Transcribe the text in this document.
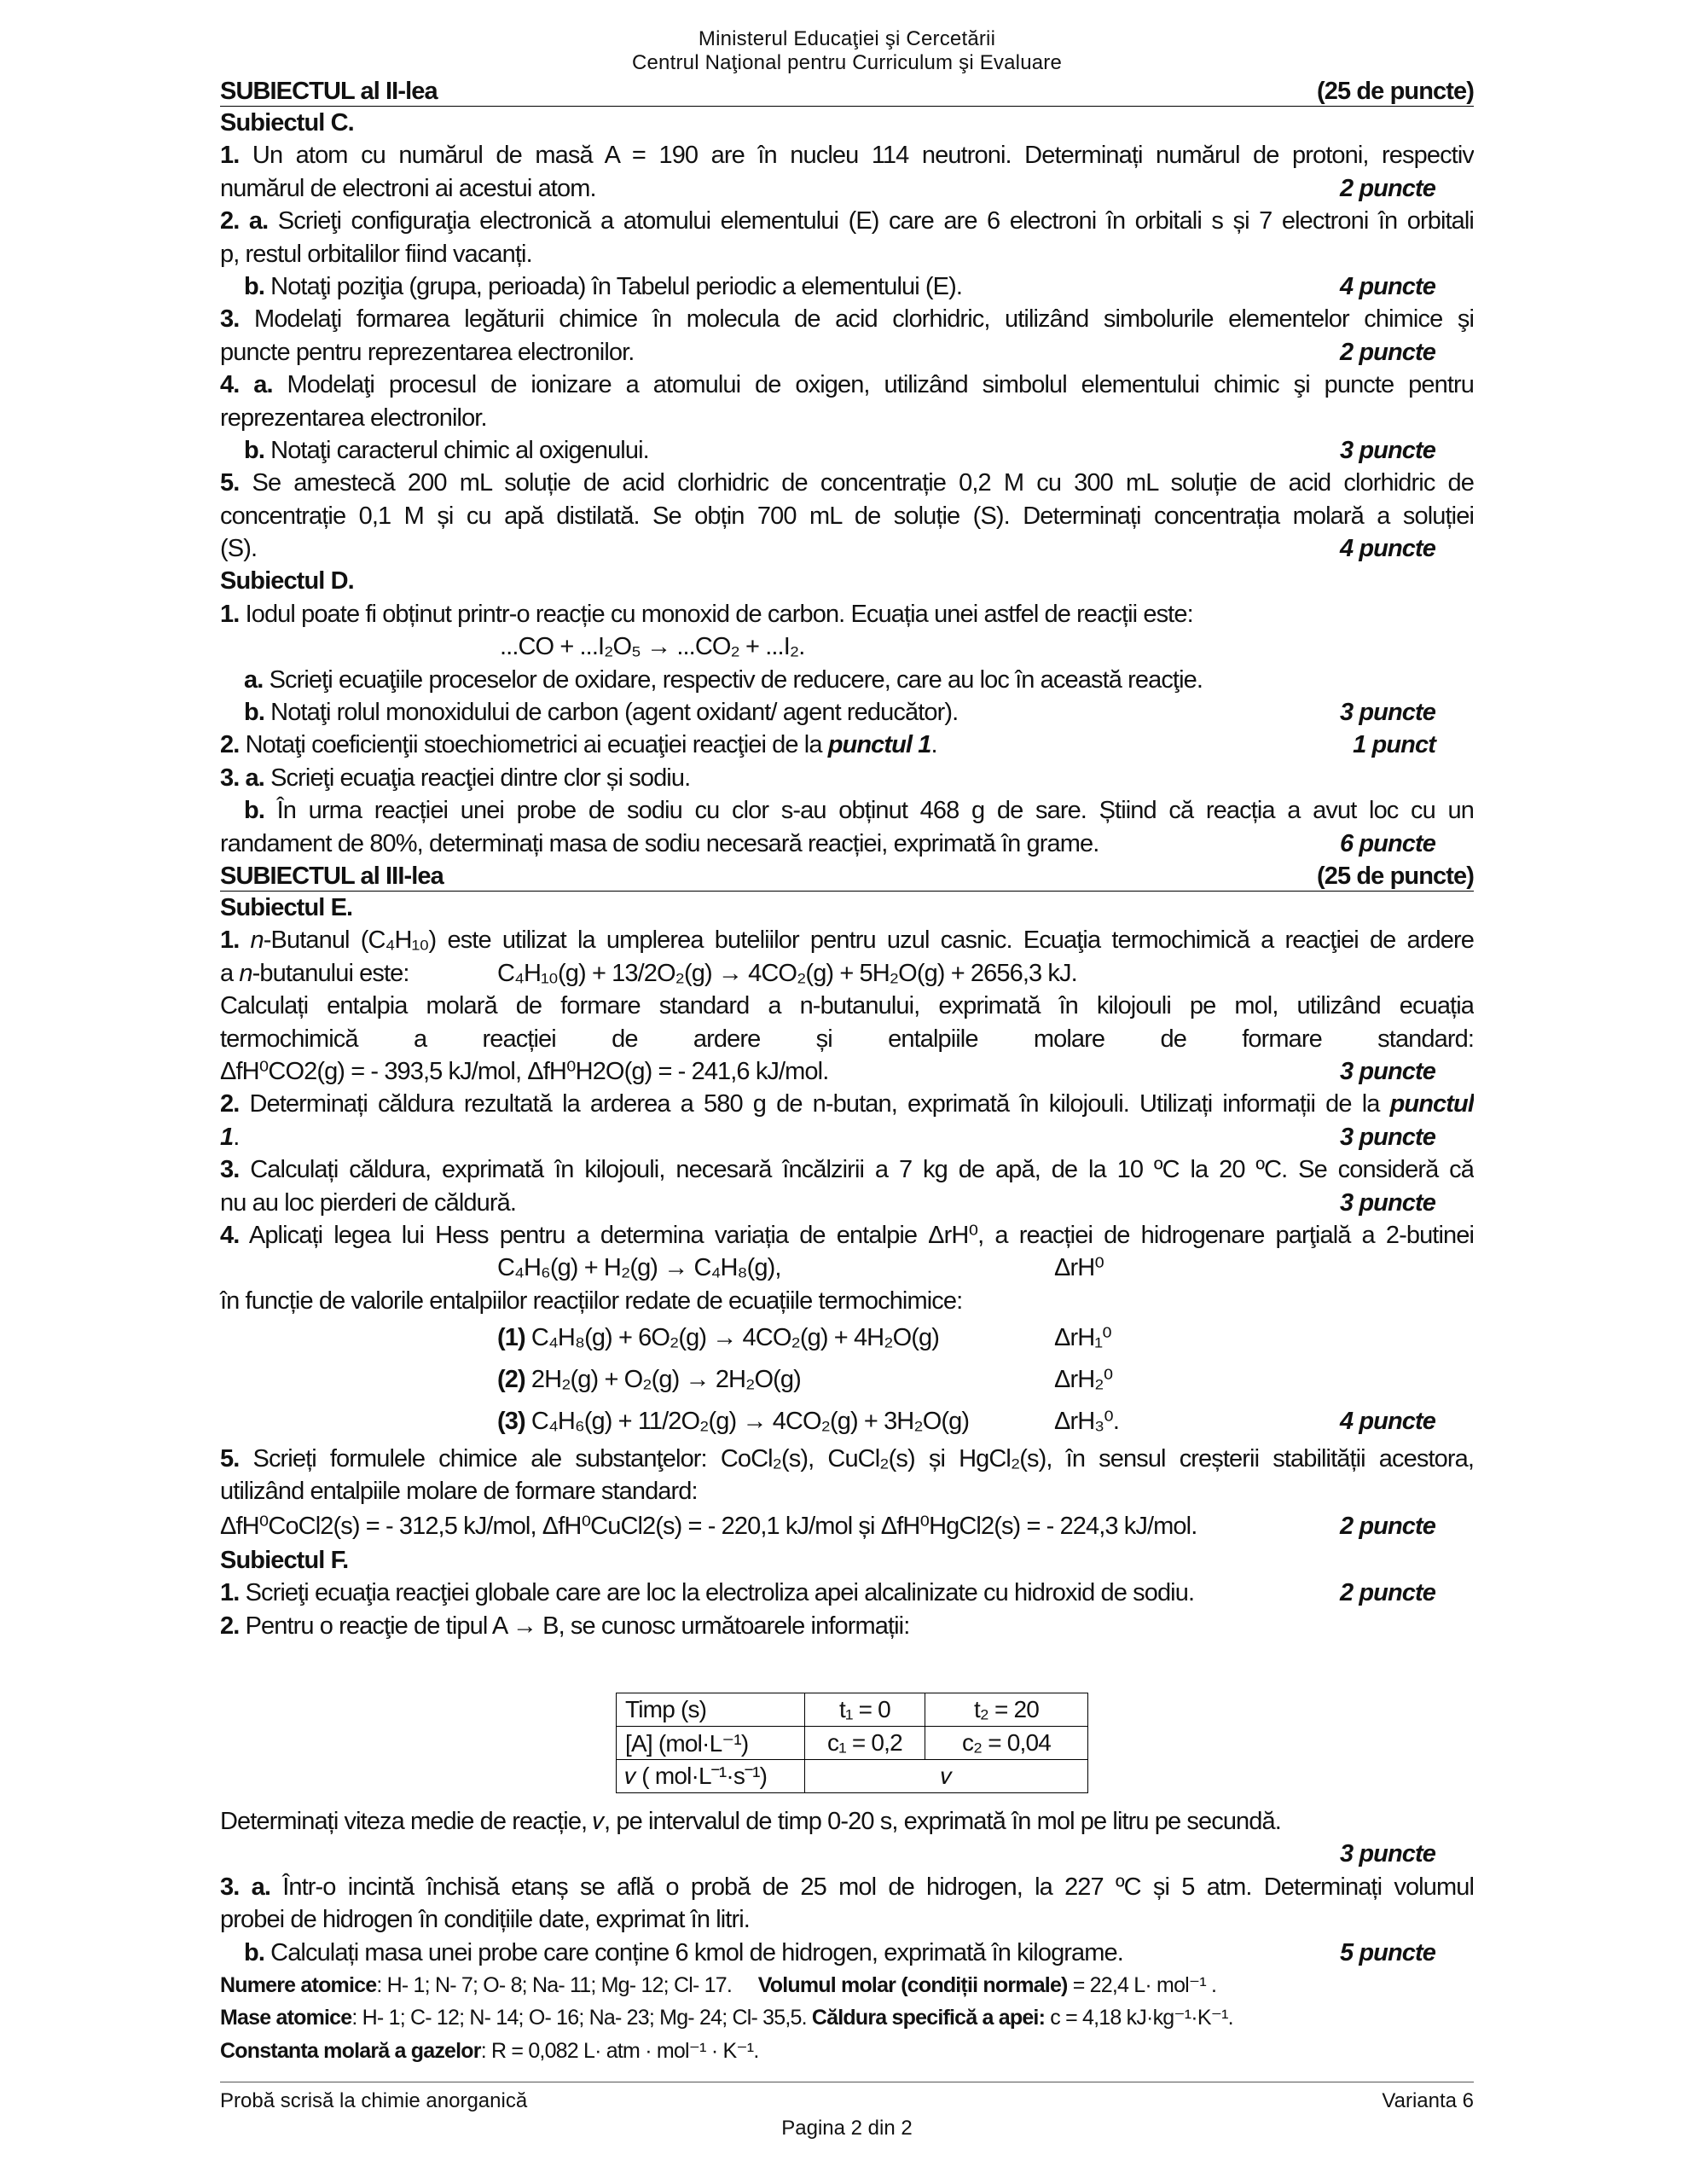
Ministerul Educaţiei şi Cercetării
Centrul Naţional pentru Curriculum şi Evaluare
SUBIECTUL al II-lea	(25 de puncte)
Subiectul C.
1. Un atom cu numărul de masă A = 190 are în nucleu 114 neutroni. Determinați numărul de protoni, respectiv
numărul de electroni ai acestui atom.	2 puncte
2. a. Scrieţi configuraţia electronică a atomului elementului (E) care are 6 electroni în orbitali s și 7 electroni în orbitali
p, restul orbitalilor fiind vacanți.
b. Notaţi poziţia (grupa, perioada) în Tabelul periodic a elementului (E).	4 puncte
3. Modelaţi formarea legăturii chimice în molecula de acid clorhidric, utilizând simbolurile elementelor chimice şi
puncte pentru reprezentarea electronilor.	2 puncte
4. a. Modelaţi procesul de ionizare a atomului de oxigen, utilizând simbolul elementului chimic şi puncte pentru
reprezentarea electronilor.
b. Notaţi caracterul chimic al oxigenului.	3 puncte
5. Se amestecă 200 mL soluție de acid clorhidric de concentrație 0,2 M cu 300 mL soluție de acid clorhidric de
concentrație 0,1 M și cu apă distilată. Se obțin 700 mL de soluție (S). Determinați concentrația molară a soluției
(S).	4 puncte
Subiectul D.
1. Iodul poate fi obținut printr-o reacție cu monoxid de carbon. Ecuația unei astfel de reacții este:
...CO + ...I₂O₅ → ...CO₂ + ...I₂.
a. Scrieţi ecuaţiile proceselor de oxidare, respectiv de reducere, care au loc în această reacţie.
b. Notaţi rolul monoxidului de carbon (agent oxidant/ agent reducător).	3 puncte
2. Notaţi coeficienţii stoechiometrici ai ecuaţiei reacţiei de la punctul 1.	1 punct
3. a. Scrieţi ecuaţia reacţiei dintre clor și sodiu.
b. În urma reacției unei probe de sodiu cu clor s-au obținut 468 g de sare. Știind că reacția a avut loc cu un
randament de 80%, determinați masa de sodiu necesară reacției, exprimată în grame.	6 puncte
SUBIECTUL al III-lea	(25 de puncte)
Subiectul E.
1. n-Butanul (C₄H₁₀) este utilizat la umplerea buteliilor pentru uzul casnic. Ecuaţia termochimică a reacţiei de ardere
a n-butanului este:	C₄H₁₀(g) + 13/2O₂(g) → 4CO₂(g) + 5H₂O(g) + 2656,3 kJ.
Calculați entalpia molară de formare standard a n-butanului, exprimată în kilojouli pe mol, utilizând ecuația
termochimică a reacției de ardere și entalpiile molare de formare standard:
ΔfH⁰CO2(g) = - 393,5 kJ/mol, ΔfH⁰H2O(g) = - 241,6 kJ/mol.	3 puncte
2. Determinați căldura rezultată la arderea a 580 g de n-butan, exprimată în kilojouli. Utilizați informații de la punctul
1.	3 puncte
3. Calculați căldura, exprimată în kilojouli, necesară încălzirii a 7 kg de apă, de la 10 ºC la 20 ºC. Se consideră că
nu au loc pierderi de căldură.	3 puncte
4. Aplicați legea lui Hess pentru a determina variația de entalpie ΔrH⁰, a reacției de hidrogenare parţială a 2-butinei
C₄H₆(g) + H₂(g) → C₄H₈(g),	ΔrH⁰
în funcție de valorile entalpiilor reacțiilor redate de ecuațiile termochimice:
(1) C₄H₈(g) + 6O₂(g) → 4CO₂(g) + 4H₂O(g)	ΔrH₁⁰
(2) 2H₂(g) + O₂(g) → 2H₂O(g)	ΔrH₂⁰
(3) C₄H₆(g) + 11/2O₂(g) → 4CO₂(g) + 3H₂O(g)	ΔrH₃⁰.	4 puncte
5. Scrieți formulele chimice ale substanţelor: CoCl₂(s), CuCl₂(s) și HgCl₂(s), în sensul creșterii stabilității acestora,
utilizând entalpiile molare de formare standard:
ΔfH⁰CoCl2(s) = - 312,5 kJ/mol, ΔfH⁰CuCl2(s) = - 220,1 kJ/mol și ΔfH⁰HgCl2(s) = - 224,3 kJ/mol.	2 puncte
Subiectul F.
1. Scrieţi ecuaţia reacţiei globale care are loc la electroliza apei alcalinizate cu hidroxid de sodiu.	2 puncte
2. Pentru o reacţie de tipul A → B, se cunosc următoarele informații:
Timp (s)	t₁ = 0	t₂ = 20
[A] (mol·L⁻¹)	c₁ = 0,2	c₂ = 0,04
𝑣 ( mol·L⁻¹·s⁻¹)	𝑣	
Determinați viteza medie de reacție, 𝑣, pe intervalul de timp 0-20 s, exprimată în mol pe litru pe secundă.
3 puncte
3. a. Într-o incintă închisă etanș se află o probă de 25 mol de hidrogen, la 227 ºC și 5 atm. Determinați volumul
probei de hidrogen în condițiile date, exprimat în litri.
b. Calculați masa unei probe care conține 6 kmol de hidrogen, exprimată în kilograme.	5 puncte
Numere atomice: H- 1; N- 7; O- 8; Na- 11; Mg- 12; Cl- 17. Volumul molar (condiții normale) = 22,4 L· mol⁻¹ .
Mase atomice: H- 1; C- 12; N- 14; O- 16; Na- 23; Mg- 24; Cl- 35,5. Căldura specifică a apei: c = 4,18 kJ·kg⁻¹·K⁻¹.
Constanta molară a gazelor: R = 0,082 L· atm · mol⁻¹ · K⁻¹.
Probă scrisă la chimie anorganică	Varianta 6
Pagina 2 din 2
